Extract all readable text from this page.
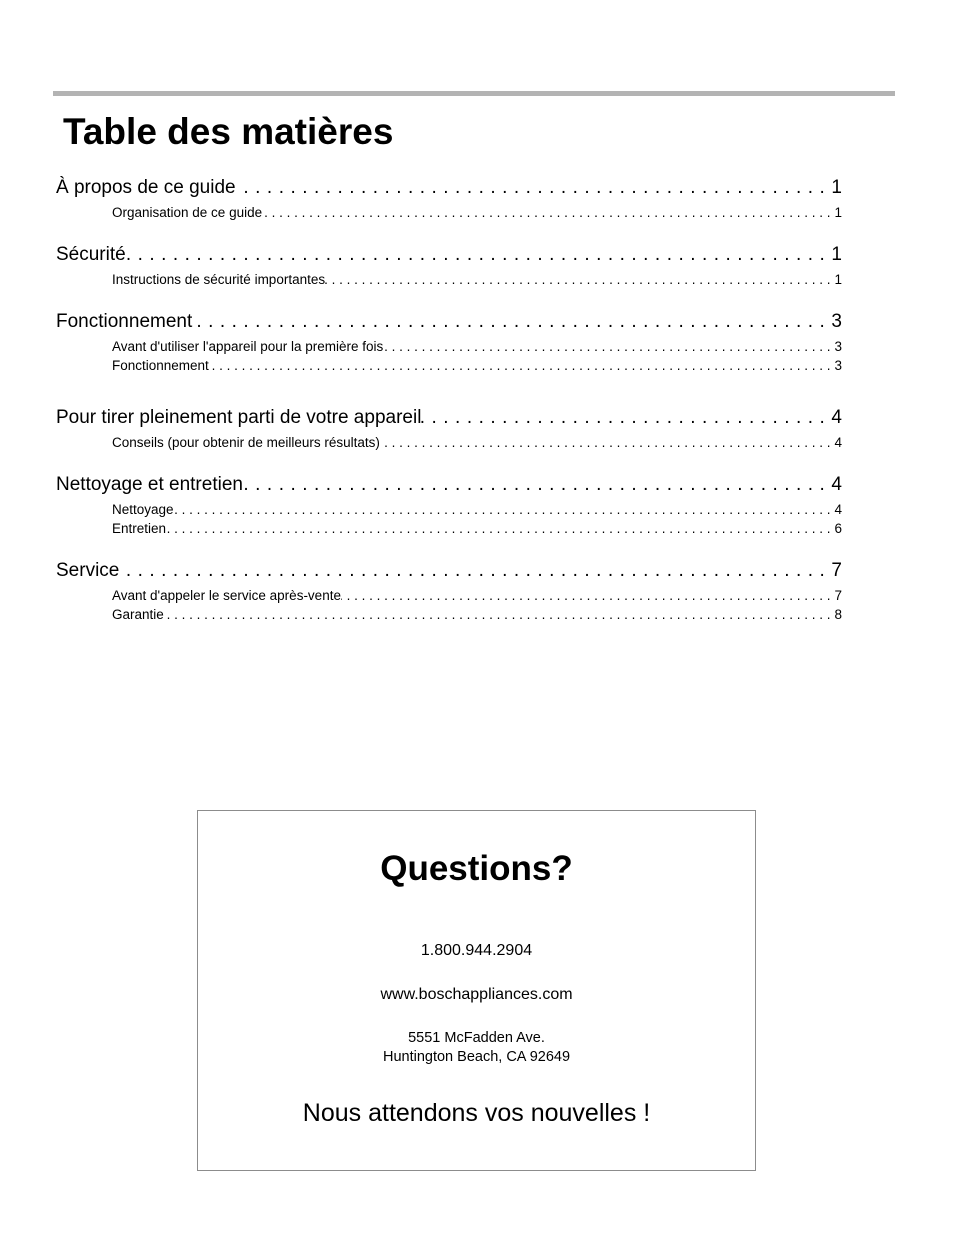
Table des matières
À propos de ce guide . . .	1
Organisation de ce guide . . .	1
Sécurité . . .	1
Instructions de sécurité importantes . . .	1
Fonctionnement . . .	3
Avant d'utiliser l'appareil pour la première fois . . .	3
Fonctionnement . . .	3
Pour tirer pleinement parti de votre appareil . . .	4
Conseils (pour obtenir de meilleurs résultats) . . .	4
Nettoyage et entretien . . .	4
Nettoyage . . .	4
Entretien . . .	6
Service . . .	7
Avant d'appeler le service après-vente . . .	7
Garantie . . .	8
Questions?
1.800.944.2904
www.boschappliances.com
5551 McFadden Ave.
Huntington Beach, CA 92649
Nous attendons vos nouvelles !
